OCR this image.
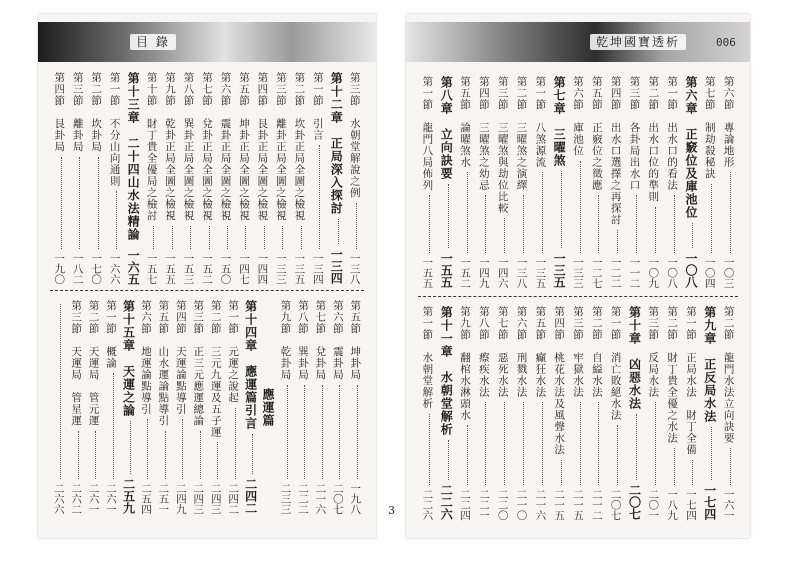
目 錄
第三節　水朝堂解說之例
一三八
第十二章　正局深入探討
一三四
第一節　引言
一三四
第二節　坎卦正局全圖之檢視
一三五
第三節　離卦正局全圖之檢視
一三三
第四節　艮卦正局全圖之檢視
一四四
第五節　坤卦正局全圖之檢視
一四七
第六節　震卦正局全圖之檢視
一五〇
第七節　兌卦正局全圖之檢視
一五二
第八節　巽卦正局全圖之檢視
一五三
第九節　乾卦正局全圖之檢視
一五五
第十節　財丁貴全優局之檢討
一五七
第十三章　二十四山水法精論
一六五
第一節　不分山向通則
一六六
第二節　坎卦局
一七〇
第三節　離卦局
一八二
第四節　艮卦局
一九〇
第五節　坤卦局
一九八
第六節　震卦局
二〇七
第七節　兌卦局
二一六
第八節　巽卦局
二二二
第九節　乾卦局
二三三
應運篇
第十四章　應運篇引言
二四二
第一節　元運之說起
二四二
第二節　三元九運及五子運
二四三
第三節　正三元應運總論
二四三
第四節　天運論點導引
二四九
第五節　山水運論點導引
二五一
第六節　地運論點導引
二五四
第十五章　天運之論
二五九
第一節　概論
二六一
第二節　天運局　管元運
二六一
第三節　天運局　管星運
二六二
二六六
乾坤國寶透析	006
第六節　專論地形
一〇三
第七節　制劫殺秘訣
一〇四
第六章　正竅位及庫池位
一〇八
第一節　出水口的看法
一〇八
第二節　出水口位的準則
一〇九
第三節　各卦局出水口
一一二
第四節　出水口選擇之再探討
一二二
第五節　正竅位之徵應
一二七
第六節　庫池位
一三三
第七章　三曜煞
一三五
第一節　八煞源流
一三五
第二節　三曜煞之演繹
一三八
第三節　三曜煞與劫位比較
一四六
第四節　三曜煞之幼忌
一四九
第五節　論曜煞水
一五二
第八章　立向訣要
一五五
第一節　龍門八局佈列
一五五
第二節　龍門水法立向訣要
一六一
第九章　正反局水法
一七四
第一節　正局水法　財丁全備
一七四
第二節　財丁貴全優之水法
一八九
第三節　反局水法
二〇一
第十章　凶惡水法
二〇七
第一節　消亡敗絕水法
二〇七
第二節　自縊水法
二一二
第三節　牢獄水法
二一五
第四節　桃花水法及風聲水法
二一五
第五節　癲狂水法
二一六
第六節　刑戮水法
二一〇
第七節　惡死水法
二二〇
第八節　瘵疾水法
二二一
第九節　翻棺水淋頭水
二二四
第十一章　水朝堂解析
二二六
第一節　水朝堂解析
二二六
3
